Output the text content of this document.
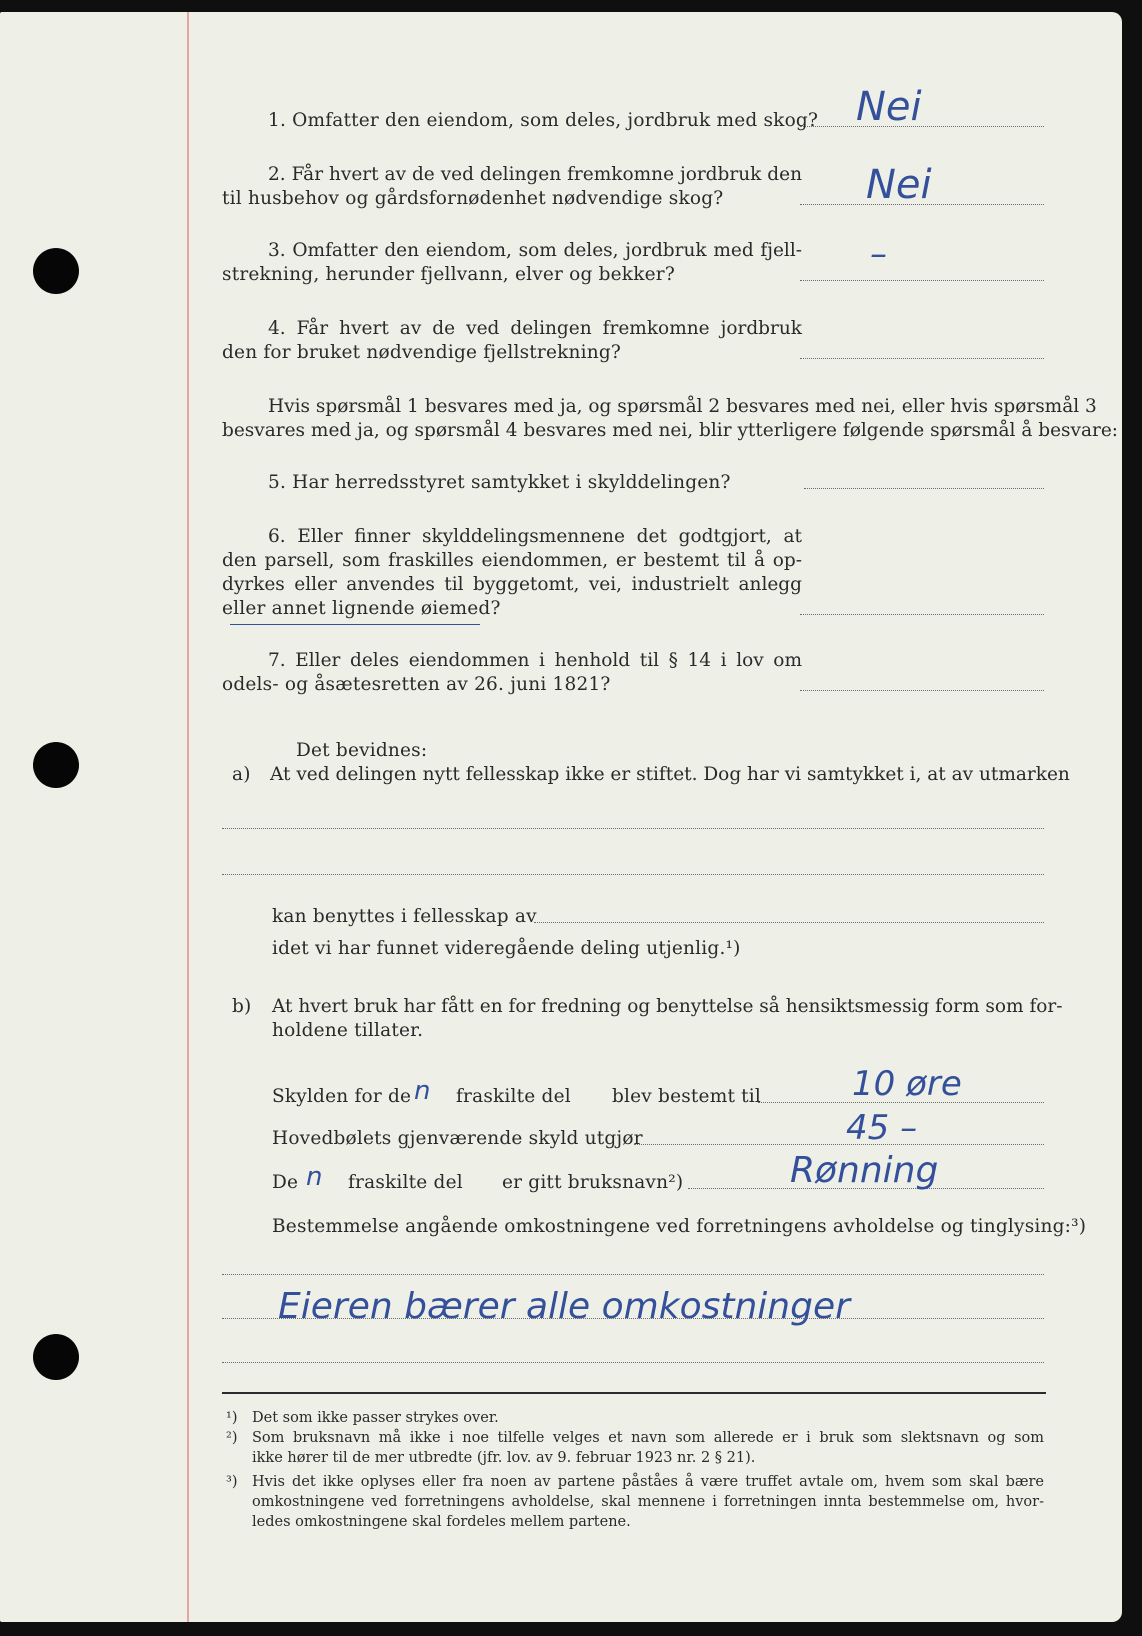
1. Omfatter den eiendom, som deles, jordbruk med skog? Nei
2. Får hvert av de ved delingen fremkomne jordbruk den
til husbehov og gårdsfornødenhet nødvendige skog?	Nei
3. Omfatter den eiendom, som deles, jordbruk med fjell-
strekning, herunder fjellvann, elver og bekker?
–
4. Får hvert av de ved delingen fremkomne jordbruk
den for bruket nødvendige fjellstrekning?
Hvis spørsmål 1 besvares med ja, og spørsmål 2 besvares med nei, eller hvis spørsmål 3
besvares med ja, og spørsmål 4 besvares med nei, blir ytterligere følgende spørsmål å besvare:
5. Har herredsstyret samtykket i skylddelingen?
6. Eller finner skylddelingsmennene det godtgjort, at
den parsell, som fraskilles eiendommen, er bestemt til å op-
dyrkes eller anvendes til byggetomt, vei, industrielt anlegg
eller annet lignende øiemed?
7. Eller deles eiendommen i henhold til § 14 i lov om
odels- og åsætesretten av 26. juni 1821?
Det bevidnes:
a) At ved delingen nytt fellesskap ikke er stiftet. Dog har vi samtykket i, at av utmarken
kan benyttes i fellesskap av
idet vi har funnet videregående deling utjenlig.¹)
b) At hvert bruk har fått en for fredning og benyttelse så hensiktsmessig form som for-
holdene tillater.
Skylden for de n fraskilte del blev bestemt til	10 øre
Hovedbølets gjenværende skyld utgjør	45 –
De n fraskilte del er gitt bruksnavn²)	Rønning
Bestemmelse angående omkostningene ved forretningens avholdelse og tinglysing:³)
Eieren bærer alle omkostninger
¹) Det som ikke passer strykes over.
²) Som bruksnavn må ikke i noe tilfelle velges et navn som allerede er i bruk som slektsnavn og som
ikke hører til de mer utbredte (jfr. lov. av 9. februar 1923 nr. 2 § 21).
³) Hvis det ikke oplyses eller fra noen av partene påståes å være truffet avtale om, hvem som skal bære
omkostningene ved forretningens avholdelse, skal mennene i forretningen innta bestemmelse om, hvor-
ledes omkostningene skal fordeles mellem partene.
